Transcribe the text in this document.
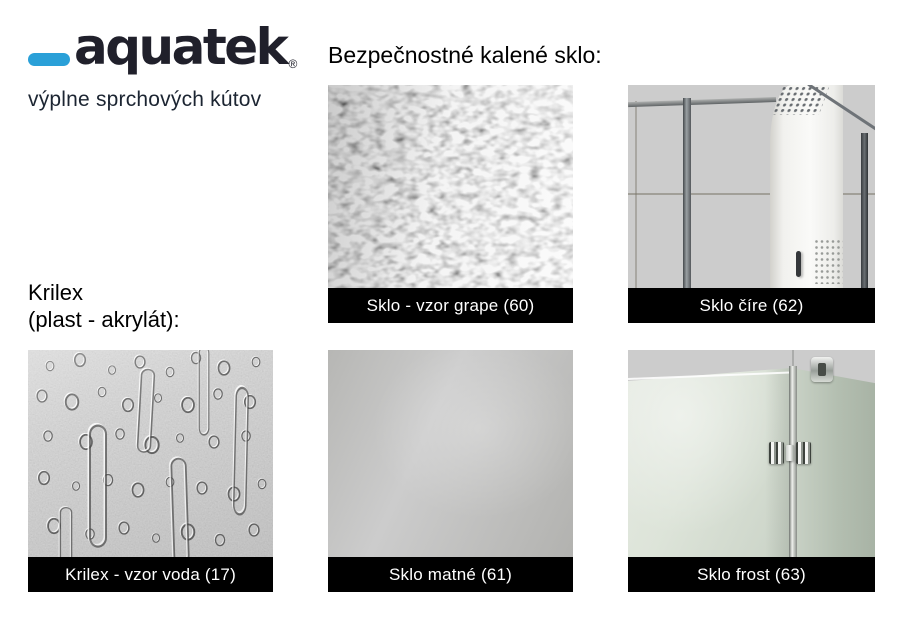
aquatek ®
výplne sprchových kútov
Bezpečnostné kalené sklo:
Krilex
(plast - akrylát):
Sklo - vzor grape (60)	Sklo číre (62)
Krilex - vzor voda (17)	Sklo matné (61)	Sklo frost (63)
